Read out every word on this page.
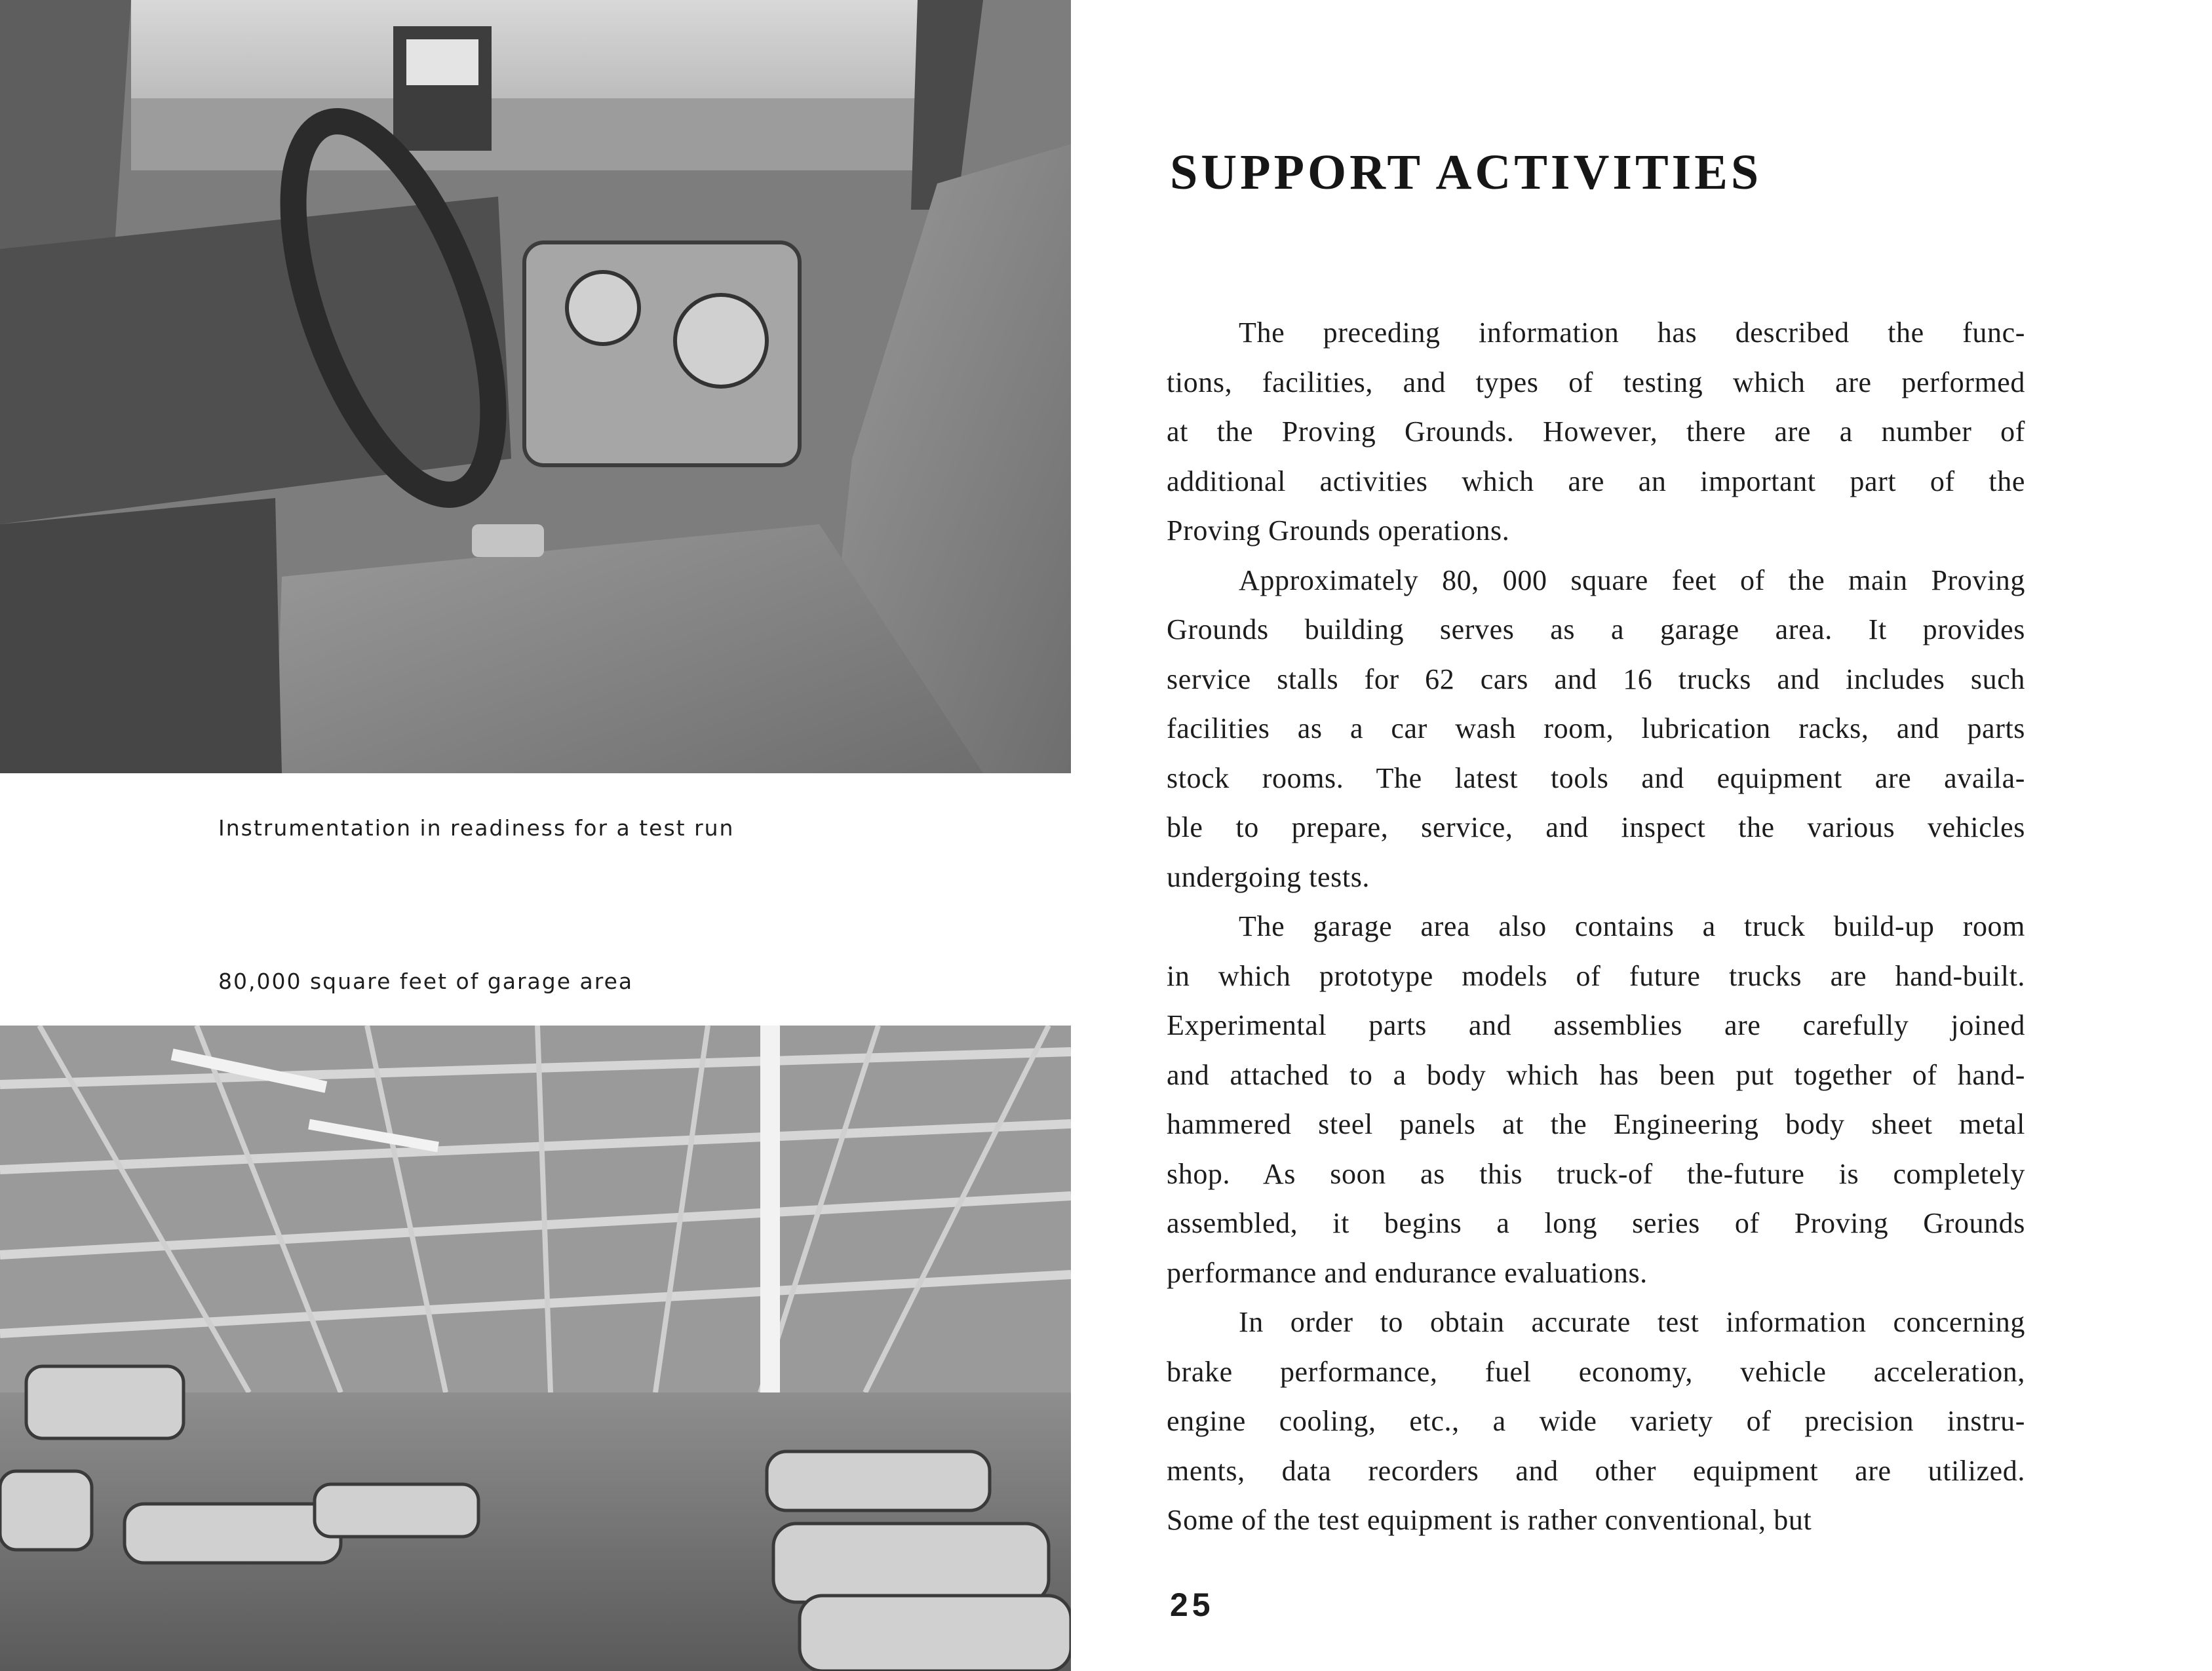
Instrumentation in readiness for a test run
80,000 square feet of garage area
SUPPORT ACTIVITIES
The preceding information has described the func-
tions, facilities, and types of testing which are performed
at the Proving Grounds. However, there are a number of
additional activities which are an important part of the
Proving Grounds operations.
Approximately 80, 000 square feet of the main Proving
Grounds building serves as a garage area. It provides
service stalls for 62 cars and 16 trucks and includes such
facilities as a car wash room, lubrication racks, and parts
stock rooms. The latest tools and equipment are availa-
ble to prepare, service, and inspect the various vehicles
undergoing tests.
The garage area also contains a truck build-up room
in which prototype models of future trucks are hand-built.
Experimental parts and assemblies are carefully joined
and attached to a body which has been put together of hand-
hammered steel panels at the Engineering body sheet metal
shop. As soon as this truck-of the-future is completely
assembled, it begins a long series of Proving Grounds
performance and endurance evaluations.
In order to obtain accurate test information concerning
brake performance, fuel economy, vehicle acceleration,
engine cooling, etc., a wide variety of precision instru-
ments, data recorders and other equipment are utilized.
Some of the test equipment is rather conventional, but
25
